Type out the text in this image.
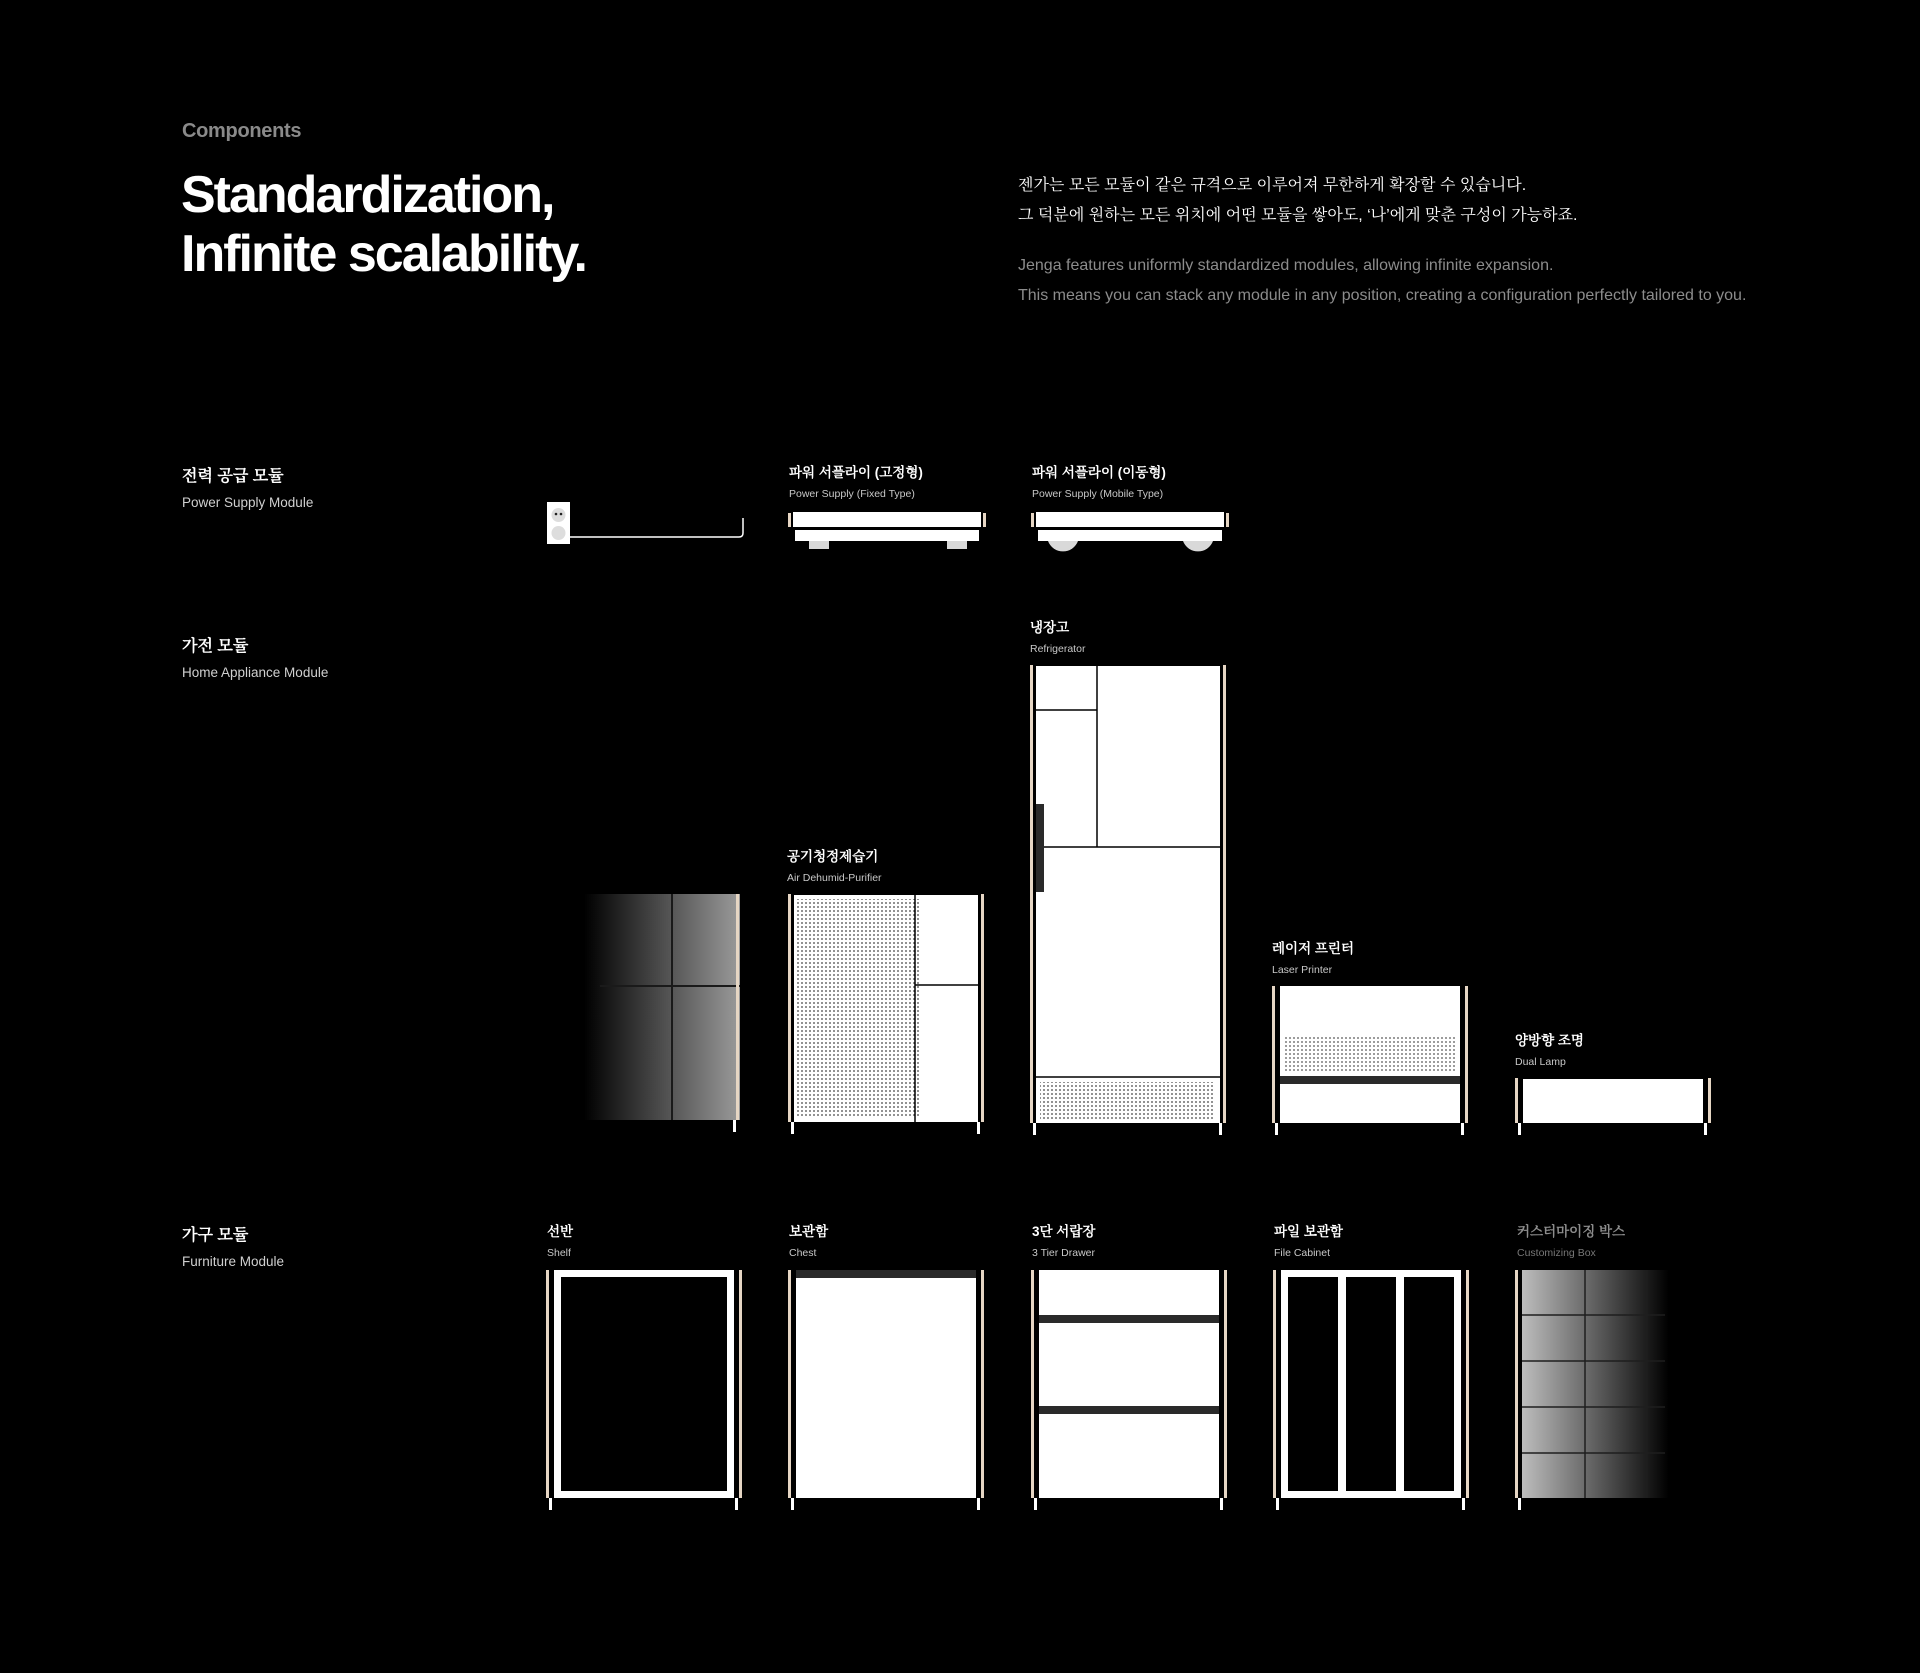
Components
Standardization,
Infinite scalability.
젠가는 모든 모듈이 같은 규격으로 이루어져 무한하게 확장할 수 있습니다.
그 덕분에 원하는 모든 위치에 어떤 모듈을 쌓아도, ‘나’에게 맞춘 구성이 가능하죠.
Jenga features uniformly standardized modules, allowing infinite expansion.
This means you can stack any module in any position, creating a configuration perfectly tailored to you.
전력 공급 모듈
Power Supply Module
가전 모듈
Home Appliance Module
가구 모듈
Furniture Module
파워 서플라이 (고정형)
Power Supply (Fixed Type)
파워 서플라이 (이동형)
Power Supply (Mobile Type)
공기청정제습기
Air Dehumid-Purifier
냉장고
Refrigerator
레이저 프린터
Laser Printer
양방향 조명
Dual Lamp
선반
Shelf
보관함
Chest
3단 서랍장
3 Tier Drawer
파일 보관함
File Cabinet
커스터마이징 박스
Customizing Box
